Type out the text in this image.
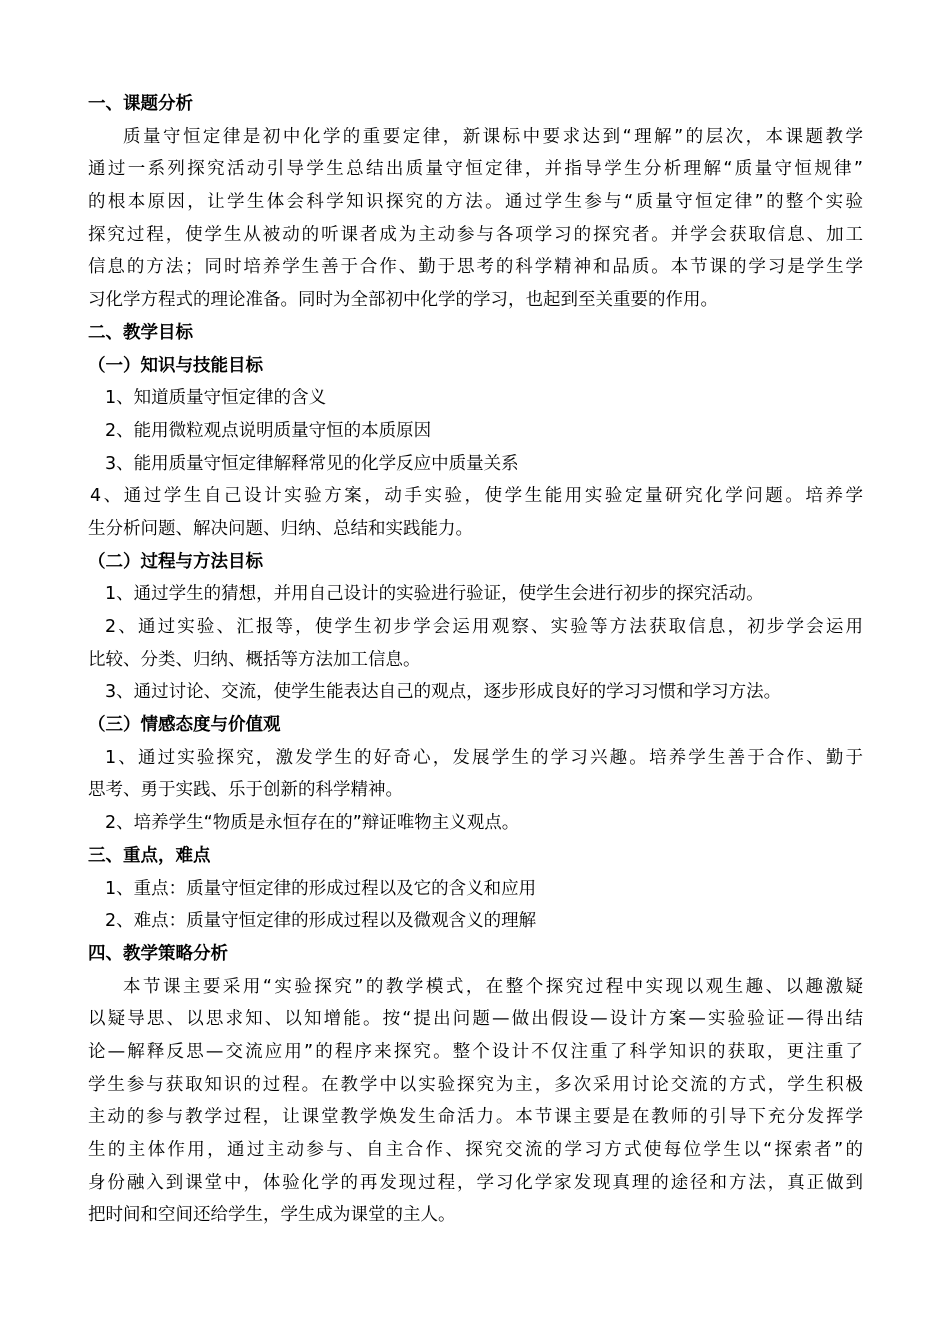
一、课题分析
质量守恒定律是初中化学的重要定律，新课标中要求达到“理解”的层次，本课题教学
通过一系列探究活动引导学生总结出质量守恒定律，并指导学生分析理解“质量守恒规律”
的根本原因，让学生体会科学知识探究的方法。通过学生参与“质量守恒定律”的整个实验
探究过程，使学生从被动的听课者成为主动参与各项学习的探究者。并学会获取信息、加工
信息的方法；同时培养学生善于合作、勤于思考的科学精神和品质。本节课的学习是学生学
习化学方程式的理论准备。同时为全部初中化学的学习，也起到至关重要的作用。
二、教学目标
（一）知识与技能目标
1、知道质量守恒定律的含义
2、能用微粒观点说明质量守恒的本质原因
3、能用质量守恒定律解释常见的化学反应中质量关系
4、通过学生自己设计实验方案，动手实验，使学生能用实验定量研究化学问题。培养学
生分析问题、解决问题、归纳、总结和实践能力。
（二）过程与方法目标
1、通过学生的猜想，并用自己设计的实验进行验证，使学生会进行初步的探究活动。
2、通过实验、汇报等，使学生初步学会运用观察、实验等方法获取信息，初步学会运用
比较、分类、归纳、概括等方法加工信息。
3、通过讨论、交流，使学生能表达自己的观点，逐步形成良好的学习习惯和学习方法。
（三）情感态度与价值观
1、通过实验探究，激发学生的好奇心，发展学生的学习兴趣。培养学生善于合作、勤于
思考、勇于实践、乐于创新的科学精神。
2、培养学生“物质是永恒存在的”辩证唯物主义观点。
三、重点，难点
1、重点：质量守恒定律的形成过程以及它的含义和应用
2、难点：质量守恒定律的形成过程以及微观含义的理解
四、教学策略分析
本节课主要采用“实验探究”的教学模式，在整个探究过程中实现以观生趣、以趣激疑
以疑导思、以思求知、以知增能。按“提出问题—做出假设—设计方案—实验验证—得出结
论—解释反思—交流应用”的程序来探究。整个设计不仅注重了科学知识的获取，更注重了
学生参与获取知识的过程。在教学中以实验探究为主，多次采用讨论交流的方式，学生积极
主动的参与教学过程，让课堂教学焕发生命活力。本节课主要是在教师的引导下充分发挥学
生的主体作用，通过主动参与、自主合作、探究交流的学习方式使每位学生以“探索者”的
身份融入到课堂中，体验化学的再发现过程，学习化学家发现真理的途径和方法，真正做到
把时间和空间还给学生，学生成为课堂的主人。
